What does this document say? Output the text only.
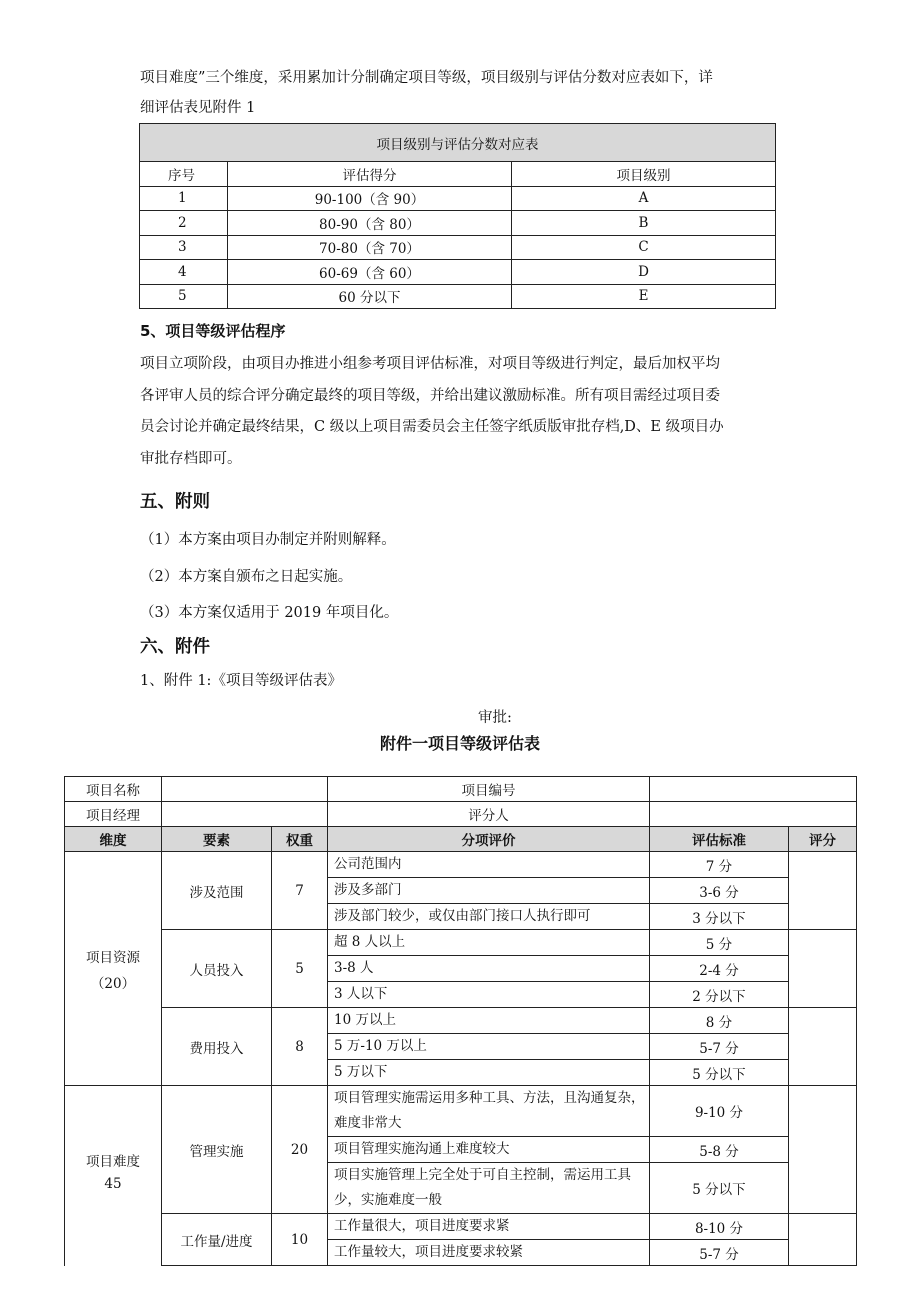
项目难度”三个维度，采用累加计分制确定项目等级，项目级别与评估分数对应表如下，详
细评估表见附件 1
项目级别与评估分数对应表		
序号	评估得分	项目级别
1	90-100（含 90）	A
2	80-90（含 80）	B
3	70-80（含 70）	C
4	60-69（含 60）	D
5	60 分以下	E
5、项目等级评估程序
项目立项阶段，由项目办推进小组参考项目评估标准，对项目等级进行判定，最后加权平均
各评审人员的综合评分确定最终的项目等级，并给出建议激励标准。所有项目需经过项目委
员会讨论并确定最终结果，C 级以上项目需委员会主任签字纸质版审批存档,D、E 级项目办
审批存档即可。
五、附则
（1）本方案由项目办制定并附则解释。
（2）本方案自颁布之日起实施。
（3）本方案仅适用于 2019 年项目化。
六、附件
1、附件 1:《项目等级评估表》
审批:
附件一项目等级评估表
项目名称			项目编号		
项目经理			评分人		
维度	要素	权重	分项评价	评估标准	评分

项目资源
（20）	涉及范围	7	公司范围内	7 分	
			涉及多部门	3-6 分	
			涉及部门较少，或仅由部门接口人执行即可	3 分以下	
	人员投入	5	超 8 人以上	5 分	
			3-8 人	2-4 分	
			3 人以下	2 分以下	
	费用投入	8	10 万以上	8 分	
			5 万-10 万以上	5-7 分	
			5 万以下	5 分以下	

项目难度
45	管理实施	20	项目管理实施需运用多种工具、方法，且沟通复杂，难度非常大	9-10 分	
			项目管理实施沟通上难度较大	5-8 分	
			项目实施管理上完全处于可自主控制，需运用工具少，实施难度一般	5 分以下	
	工作量/进度	10	工作量很大，项目进度要求紧	8-10 分	
			工作量较大，项目进度要求较紧	5-7 分	
